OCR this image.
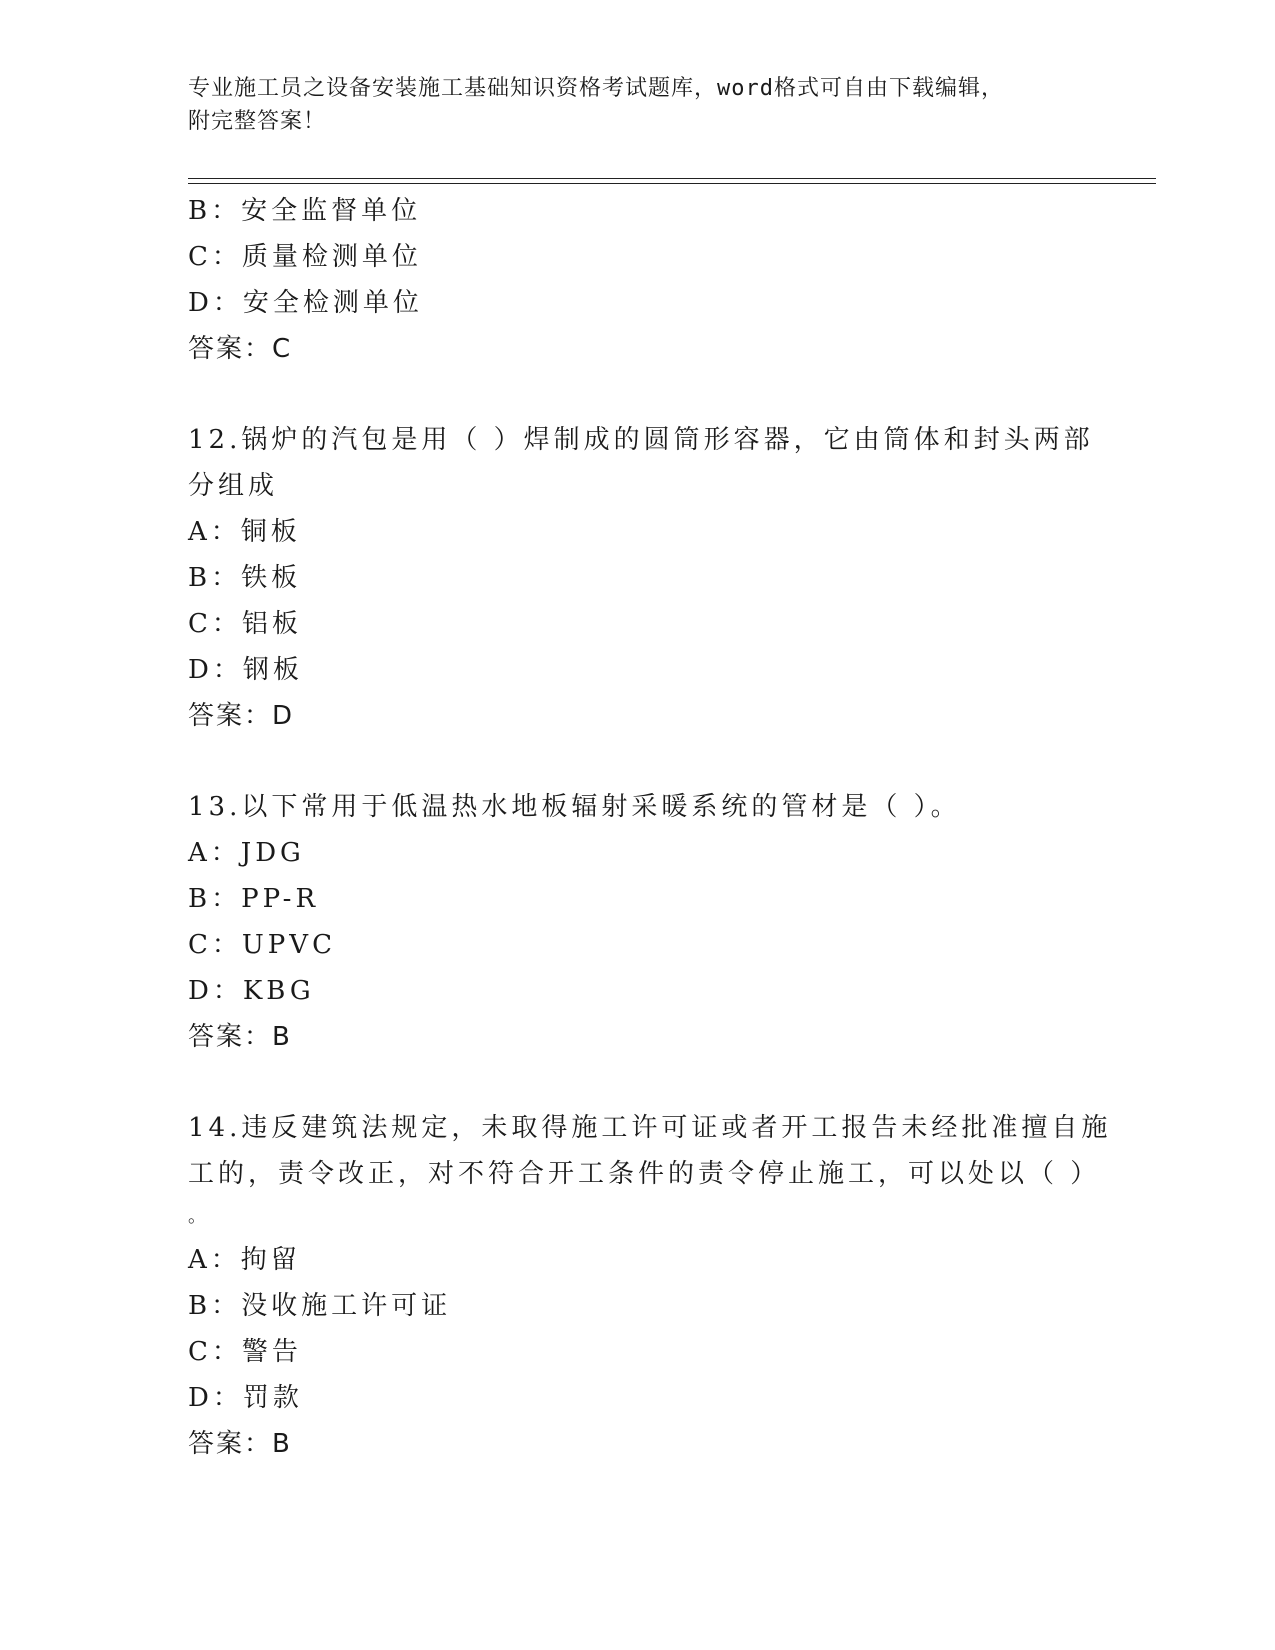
专业施工员之设备安装施工基础知识资格考试题库，word格式可自由下载编辑，
附完整答案！
B：安全监督单位
C：质量检测单位
D：安全检测单位
答案：C
12.锅炉的汽包是用（ ）焊制成的圆筒形容器，它由筒体和封头两部
分组成
A：铜板
B：铁板
C：铝板
D：钢板
答案：D
13.以下常用于低温热水地板辐射采暖系统的管材是（ ）。
A：JDG
B：PP-R
C：UPVC
D：KBG
答案：B
14.违反建筑法规定，未取得施工许可证或者开工报告未经批准擅自施
工的，责令改正，对不符合开工条件的责令停止施工，可以处以（ ）
。
A：拘留
B：没收施工许可证
C：警告
D：罚款
答案：B
